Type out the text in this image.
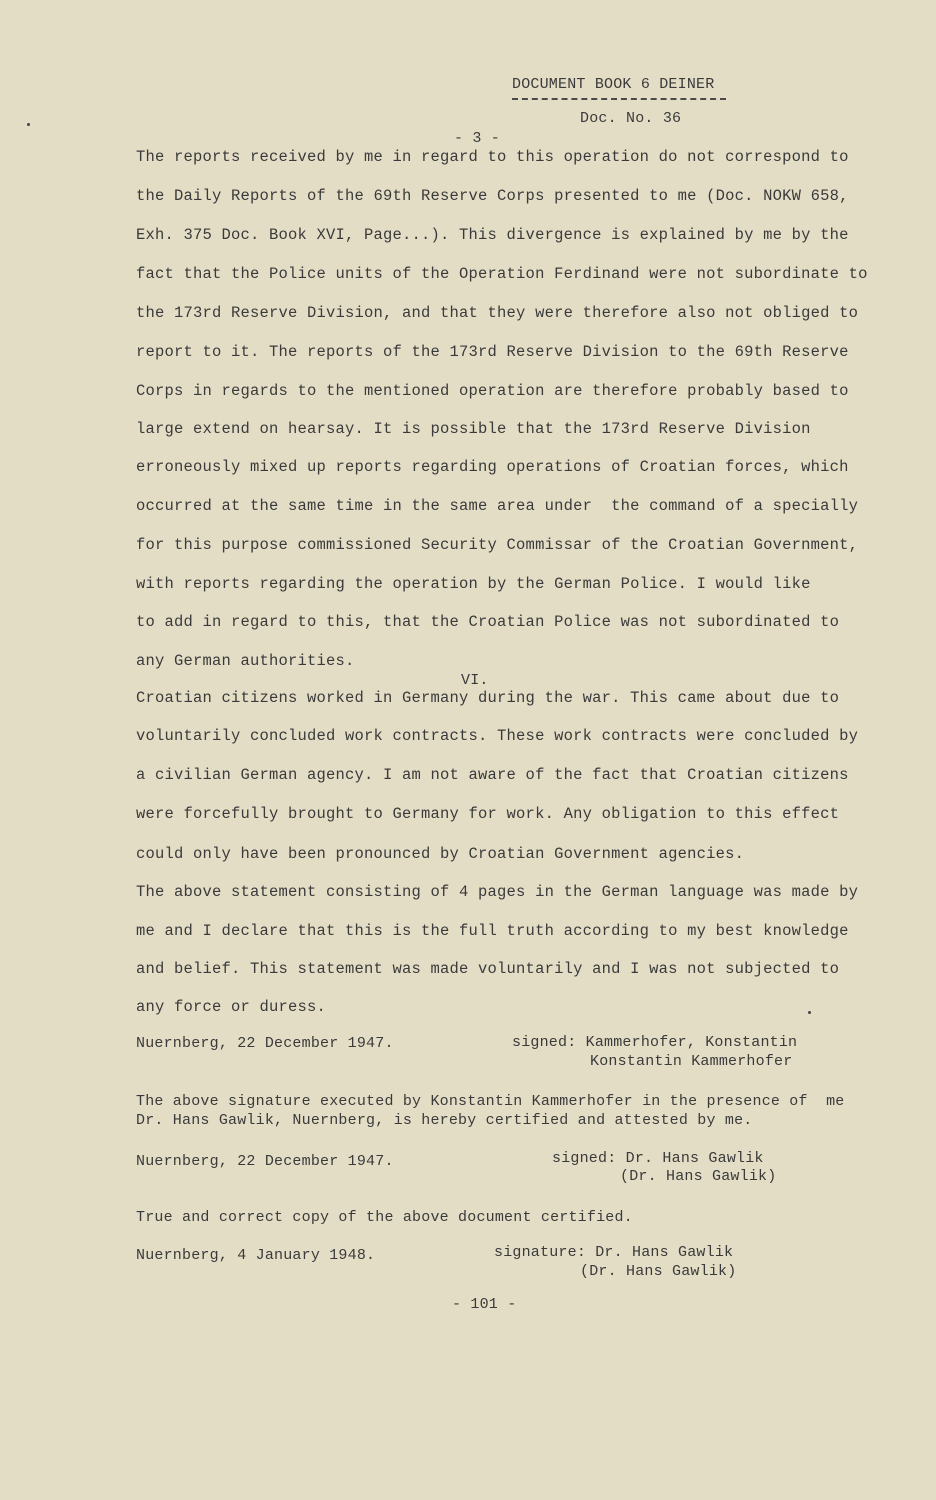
DOCUMENT BOOK 6 DEINER
Doc. No. 36
- 3 -
The reports received by me in regard to this operation do not correspond to
the Daily Reports of the 69th Reserve Corps presented to me (Doc. NOKW 658,
Exh. 375 Doc. Book XVI, Page...). This divergence is explained by me by the
fact that the Police units of the Operation Ferdinand were not subordinate to
the 173rd Reserve Division, and that they were therefore also not obliged to
report to it. The reports of the 173rd Reserve Division to the 69th Reserve
Corps in regards to the mentioned operation are therefore probably based to
large extend on hearsay. It is possible that the 173rd Reserve Division
erroneously mixed up reports regarding operations of Croatian forces, which
occurred at the same time in the same area under  the command of a specially
for this purpose commissioned Security Commissar of the Croatian Government,
with reports regarding the operation by the German Police. I would like
to add in regard to this, that the Croatian Police was not subordinated to
any German authorities.
VI.
Croatian citizens worked in Germany during the war. This came about due to
voluntarily concluded work contracts. These work contracts were concluded by
a civilian German agency. I am not aware of the fact that Croatian citizens
were forcefully brought to Germany for work. Any obligation to this effect
could only have been pronounced by Croatian Government agencies.
The above statement consisting of 4 pages in the German language was made by
me and I declare that this is the full truth according to my best knowledge
and belief. This statement was made voluntarily and I was not subjected to
any force or duress.
Nuernberg, 22 December 1947.	signed: Kammerhofer, Konstantin
Konstantin Kammerhofer
The above signature executed by Konstantin Kammerhofer in the presence of  me
Dr. Hans Gawlik, Nuernberg, is hereby certified and attested by me.
Nuernberg, 22 December 1947.	signed: Dr. Hans Gawlik
(Dr. Hans Gawlik)
True and correct copy of the above document certified.
Nuernberg, 4 January 1948.	signature: Dr. Hans Gawlik
(Dr. Hans Gawlik)
- 101 -
